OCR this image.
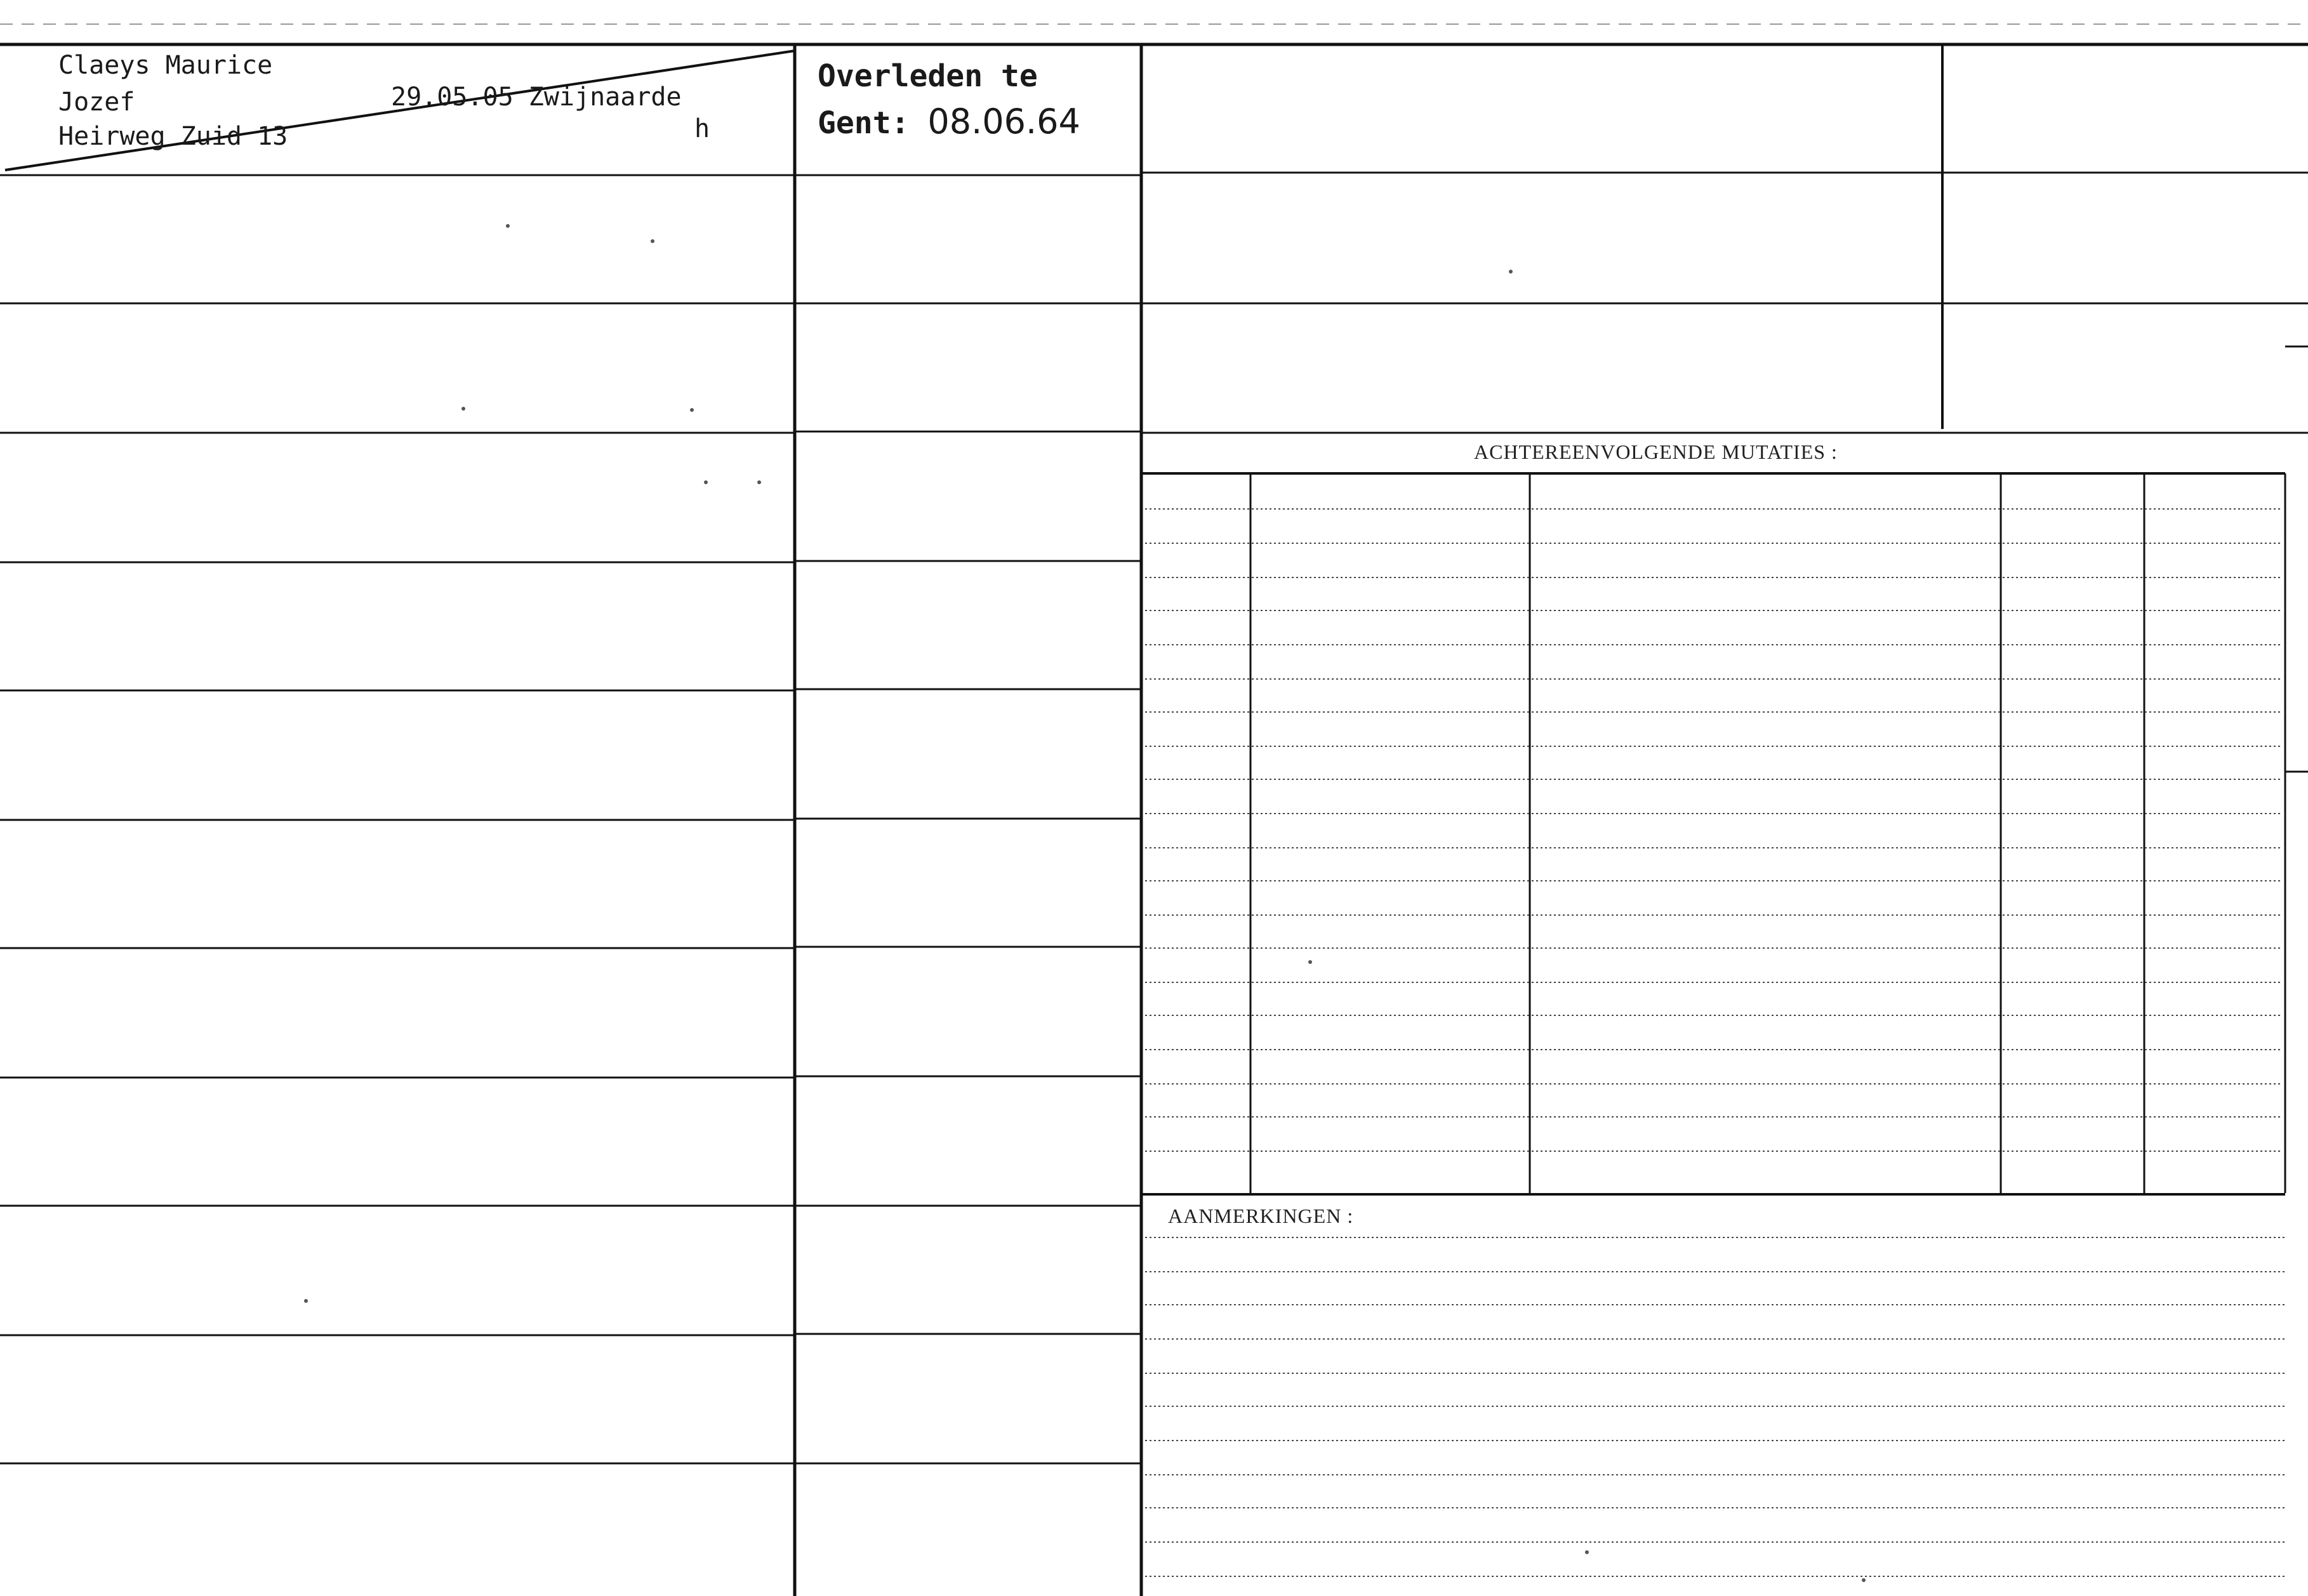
Claeys Maurice
Jozef	29.05.05 Zwijnaarde
Heirweg Zuid 13	h
Overleden te
Gent: 08.06.64
ACHTEREENVOLGENDE MUTATIES :
AANMERKINGEN :
